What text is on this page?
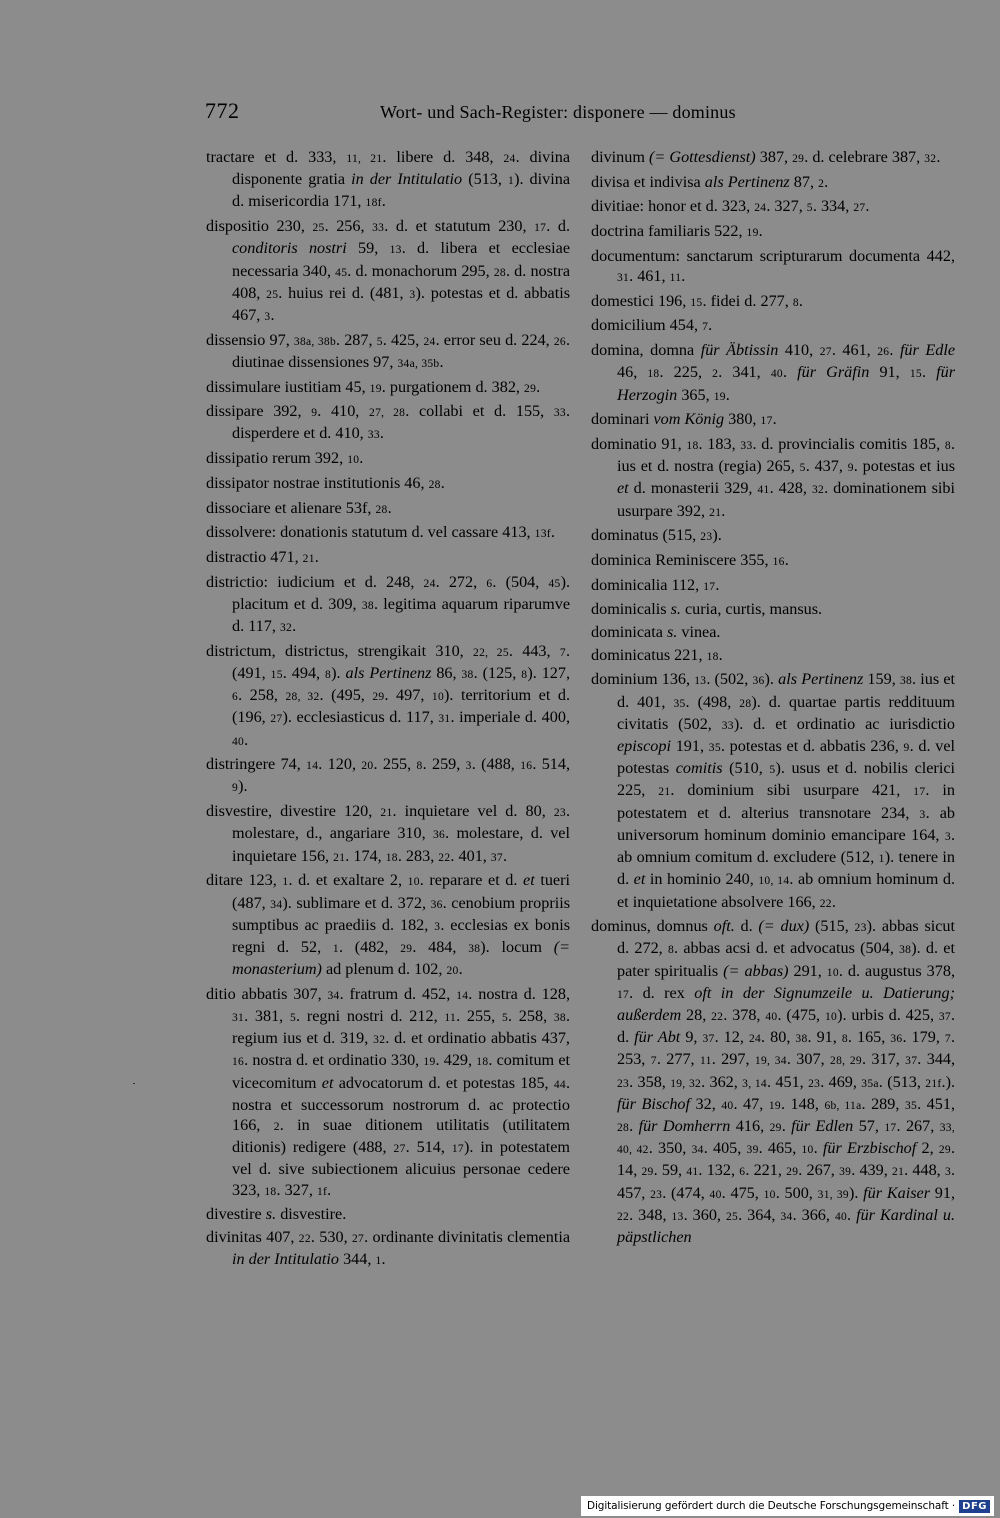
772	Wort- und Sach-Register: disponere — dominus

tractare et d. 333, 11, 21. libere d. 348, 24. divina disponente gratia in der Intitulatio (513, 1). divina d. misericordia 171, 18f.

dispositio 230, 25. 256, 33. d. et statutum 230, 17. d. conditoris nostri 59, 13. d. libera et ecclesiae necessaria 340, 45. d. monachorum 295, 28. d. nostra 408, 25. huius rei d. (481, 3). potestas et d. abbatis 467, 3.

dissensio 97, 38a, 38b. 287, 5. 425, 24. error seu d. 224, 26. diutinae dissensiones 97, 34a, 35b.

dissimulare iustitiam 45, 19. purgationem d. 382, 29.

dissipare 392, 9. 410, 27, 28. collabi et d. 155, 33. disperdere et d. 410, 33.

dissipatio rerum 392, 10.

dissipator nostrae institutionis 46, 28.

dissociare et alienare 53f, 28.

dissolvere: donationis statutum d. vel cassare 413, 13f.

distractio 471, 21.

districtio: iudicium et d. 248, 24. 272, 6. (504, 45). placitum et d. 309, 38. legitima aquarum riparumve d. 117, 32.

districtum, districtus, strengikait 310, 22, 25. 443, 7. (491, 15. 494, 8). als Pertinenz 86, 38. (125, 8). 127, 6. 258, 28, 32. (495, 29. 497, 10). territorium et d. (196, 27). ecclesiasticus d. 117, 31. imperiale d. 400, 40.

distringere 74, 14. 120, 20. 255, 8. 259, 3. (488, 16. 514, 9).

disvestire, divestire 120, 21. inquietare vel d. 80, 23. molestare, d., angariare 310, 36. molestare, d. vel inquietare 156, 21. 174, 18. 283, 22. 401, 37.

ditare 123, 1. d. et exaltare 2, 10. reparare et d. et tueri (487, 34). sublimare et d. 372, 36. cenobium propriis sumptibus ac praediis d. 182, 3. ecclesias ex bonis regni d. 52, 1. (482, 29. 484, 38). locum (= monasterium) ad plenum d. 102, 20.

ditio abbatis 307, 34. fratrum d. 452, 14. nostra d. 128, 31. 381, 5. regni nostri d. 212, 11. 255, 5. 258, 38. regium ius et d. 319, 32. d. et ordinatio abbatis 437, 16. nostra d. et ordinatio 330, 19. 429, 18. comitum et vicecomitum et advocatorum d. et potestas 185, 44. nostra et successorum nostrorum d. ac protectio 166, 2. in suae ditionem utilitatis (utilitatem ditionis) redigere (488, 27. 514, 17). in potestatem vel d. sive subiectionem alicuius personae cedere 323, 18. 327, 1f.

divestire s. disvestire.

divinitas 407, 22. 530, 27. ordinante divinitatis clementia in der Intitulatio 344, 1.

divinum (= Gottesdienst) 387, 29. d. celebrare 387, 32.

divisa et indivisa als Pertinenz 87, 2.

divitiae: honor et d. 323, 24. 327, 5. 334, 27.

doctrina familiaris 522, 19.

documentum: sanctarum scripturarum documenta 442, 31. 461, 11.

domestici 196, 15. fidei d. 277, 8.

domicilium 454, 7.

domina, domna für Äbtissin 410, 27. 461, 26. für Edle 46, 18. 225, 2. 341, 40. für Gräfin 91, 15. für Herzogin 365, 19.

dominari vom König 380, 17.

dominatio 91, 18. 183, 33. d. provincialis comitis 185, 8. ius et d. nostra (regia) 265, 5. 437, 9. potestas et ius et d. monasterii 329, 41. 428, 32. dominationem sibi usurpare 392, 21.

dominatus (515, 23).

dominica Reminiscere 355, 16.

dominicalia 112, 17.

dominicalis s. curia, curtis, mansus.

dominicata s. vinea.

dominicatus 221, 18.

dominium 136, 13. (502, 36). als Pertinenz 159, 38. ius et d. 401, 35. (498, 28). d. quartae partis reddituum civitatis (502, 33). d. et ordinatio ac iurisdictio episcopi 191, 35. potestas et d. abbatis 236, 9. d. vel potestas comitis (510, 5). usus et d. nobilis clerici 225, 21. dominium sibi usurpare 421, 17. in potestatem et d. alterius transnotare 234, 3. ab universorum hominum dominio emancipare 164, 3. ab omnium comitum d. excludere (512, 1). tenere in d. et in hominio 240, 10, 14. ab omnium hominum d. et inquietatione absolvere 166, 22.

dominus, domnus oft. d. (= dux) (515, 23). abbas sicut d. 272, 8. abbas acsi d. et advocatus (504, 38). d. et pater spiritualis (= abbas) 291, 10. d. augustus 378, 17. d. rex oft in der Signumzeile u. Datierung; außerdem 28, 22. 378, 40. (475, 10). urbis d. 425, 37. d. für Abt 9, 37. 12, 24. 80, 38. 91, 8. 165, 36. 179, 7. 253, 7. 277, 11. 297, 19, 34. 307, 28, 29. 317, 37. 344, 23. 358, 19, 32. 362, 3, 14. 451, 23. 469, 35a. (513, 21f.). für Bischof 32, 40. 47, 19. 148, 6b, 11a. 289, 35. 451, 28. für Domherrn 416, 29. für Edlen 57, 17. 267, 33, 40, 42. 350, 34. 405, 39. 465, 10. für Erzbischof 2, 29. 14, 29. 59, 41. 132, 6. 221, 29. 267, 39. 439, 21. 448, 3. 457, 23. (474, 40. 475, 10. 500, 31, 39). für Kaiser 91, 22. 348, 13. 360, 25. 364, 34. 366, 40. für Kardinal u. päpstlichen

Digitalisierung gefördert durch die Deutsche Forschungsgemeinschaft · DFG
